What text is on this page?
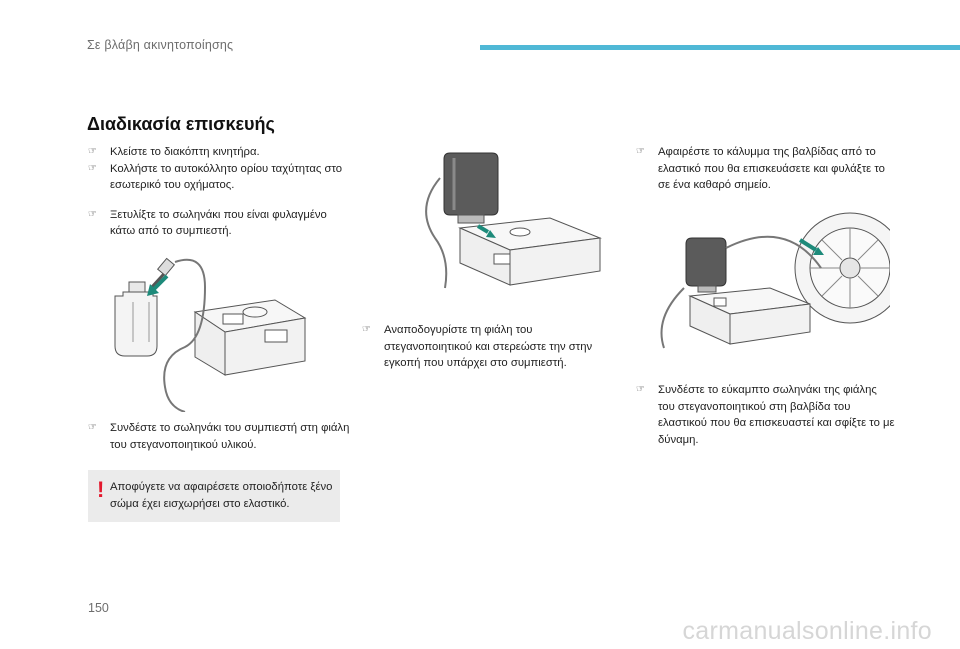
Σε βλάβη ακινητοποίησης
Διαδικασία επισκευής

☞	Κλείστε το διακόπτη κινητήρα.

☞	Κολλήστε το αυτοκόλλητο ορίου ταχύτητας στο εσωτερικό του οχήματος.

☞	Ξετυλίξτε το σωληνάκι που είναι φυλαγμένο κάτω από το συμπιεστή.

☞	Συνδέστε το σωληνάκι του συμπιεστή στη φιάλη του στεγανοποιητικού υλικού.

! Αποφύγετε να αφαιρέσετε οποιοδήποτε ξένο σώμα έχει εισχωρήσει στο ελαστικό.

☞	Αναποδογυρίστε τη φιάλη του στεγανοποιητικού και στερεώστε την στην εγκοπή που υπάρχει στο συμπιεστή.

☞	Αφαιρέστε το κάλυμμα της βαλβίδας από το ελαστικό που θα επισκευάσετε και φυλάξτε το σε ένα καθαρό σημείο.

☞	Συνδέστε το εύκαμπτο σωληνάκι της φιάλης του στεγανοποιητικού στη βαλβίδα του ελαστικού που θα επισκευαστεί και σφίξτε το με δύναμη.

150
carmanualsonline.info
